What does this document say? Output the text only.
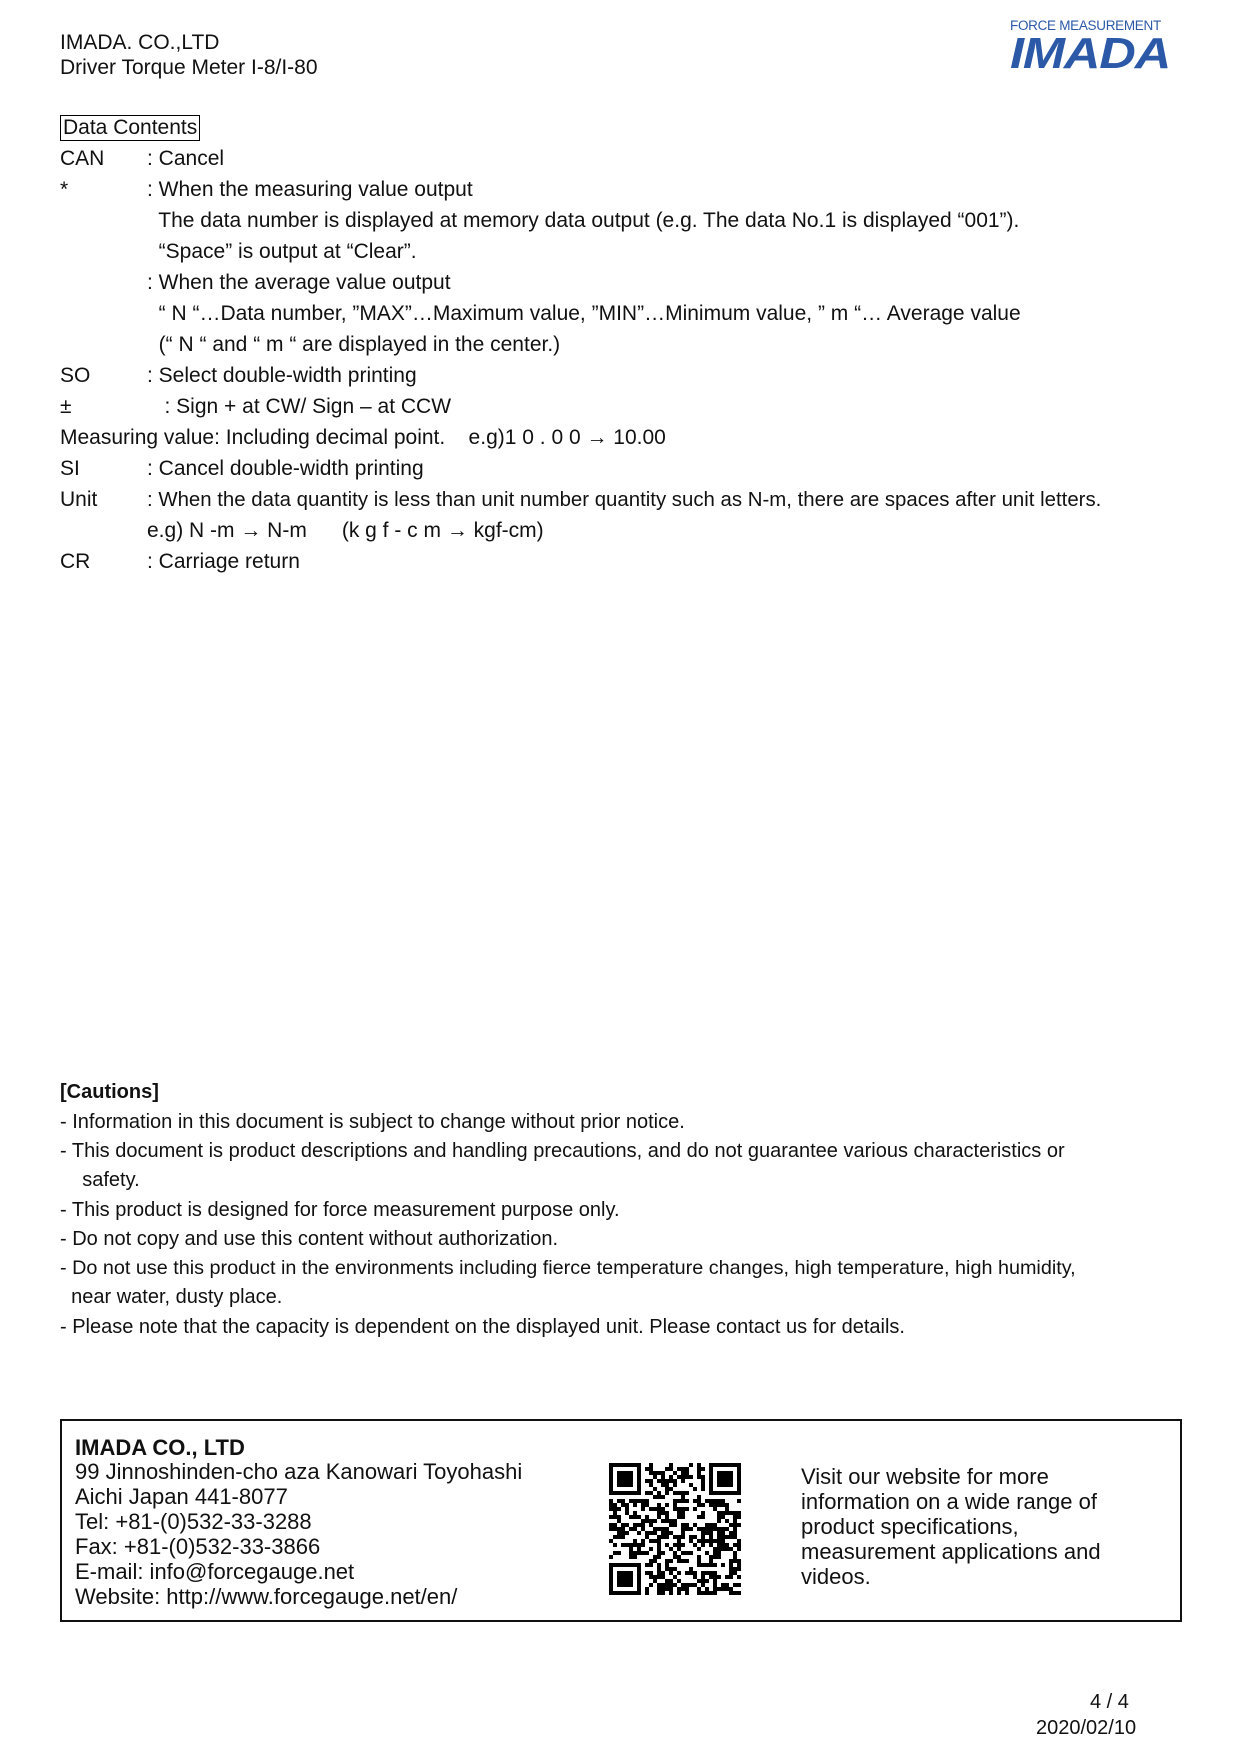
IMADA. CO.,LTD
Driver Torque Meter I-8/I-80
FORCE MEASUREMENT
IMADA
Data Contents
CAN : Cancel
*	: When the measuring value output
The data number is displayed at memory data output (e.g. The data No.1 is displayed “001”).
“Space” is output at “Clear”.
: When the average value output
“ N “…Data number, ”MAX”…Maximum value, ”MIN”…Minimum value, ” m “… Average value
(“ N “ and “ m “ are displayed in the center.)
SO	: Select double-width printing
±	: Sign + at CW/ Sign – at CCW
Measuring value: Including decimal point.    e.g)1 0 . 0 0 → 10.00
SI	: Cancel double-width printing
Unit : When the data quantity is less than unit number quantity such as N-m, there are spaces after unit letters.
e.g) N -m → N-m      (k g f - c m → kgf-cm)
CR	: Carriage return
[Cautions]
- Information in this document is subject to change without prior notice.
- This document is product descriptions and handling precautions, and do not guarantee various characteristics or
safety.
- This product is designed for force measurement purpose only.
- Do not copy and use this content without authorization.
- Do not use this product in the environments including fierce temperature changes, high temperature, high humidity,
near water, dusty place.
- Please note that the capacity is dependent on the displayed unit. Please contact us for details.
IMADA CO., LTD
99 Jinnoshinden-cho aza Kanowari Toyohashi
Aichi Japan 441-8077
Tel: +81-(0)532-33-3288
Fax: +81-(0)532-33-3866
E-mail: info@forcegauge.net
Website: http://www.forcegauge.net/en/
Visit our website for more information on a wide range of product specifications, measurement applications and videos.
4 / 4
2020/02/10
